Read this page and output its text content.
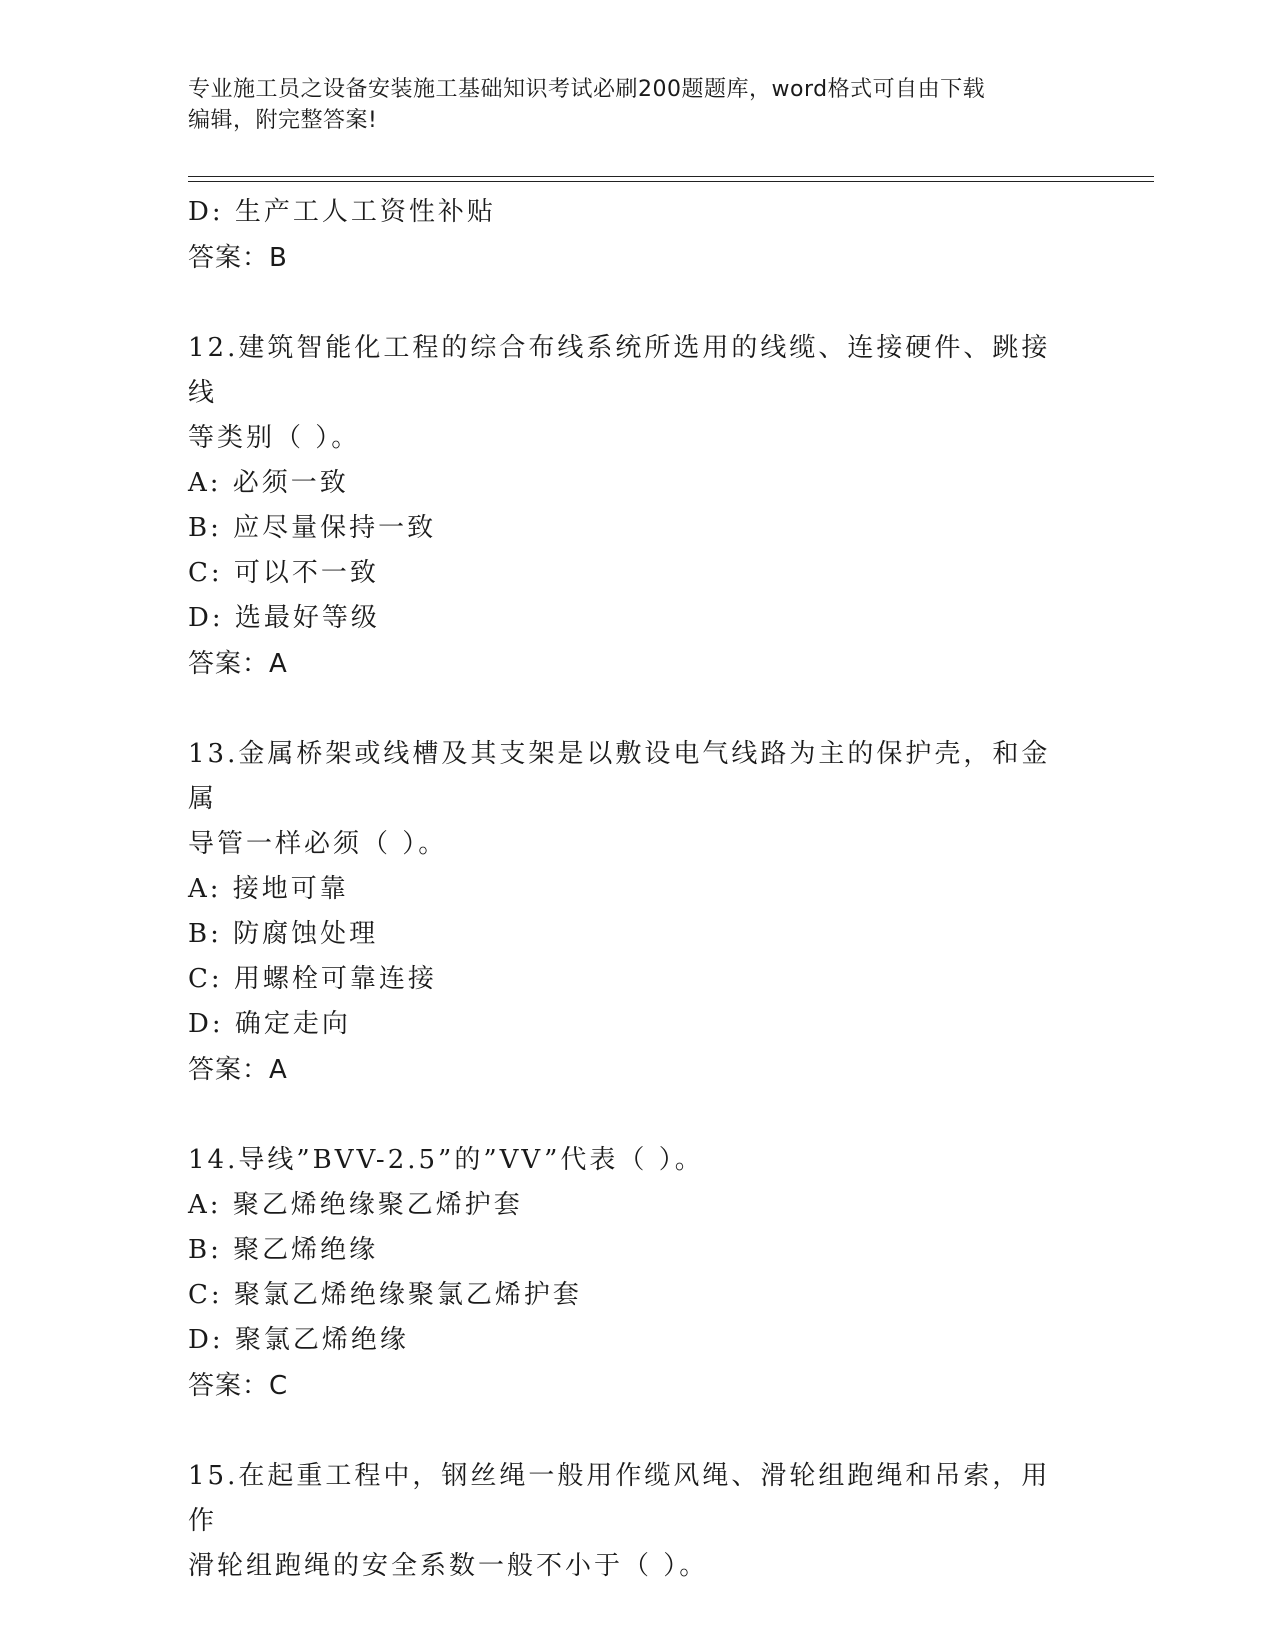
专业施工员之设备安装施工基础知识考试必刷200题题库，word格式可自由下载
编辑，附完整答案!
D: 生产工人工资性补贴
答案：B
12.建筑智能化工程的综合布线系统所选用的线缆、连接硬件、跳接线
等类别（ ）。
A: 必须一致
B: 应尽量保持一致
C: 可以不一致
D: 选最好等级
答案：A
13.金属桥架或线槽及其支架是以敷设电气线路为主的保护壳，和金属
导管一样必须（ ）。
A: 接地可靠
B: 防腐蚀处理
C: 用螺栓可靠连接
D: 确定走向
答案：A
14.导线”BVV-2.5”的”VV”代表（ ）。
A: 聚乙烯绝缘聚乙烯护套
B: 聚乙烯绝缘
C: 聚氯乙烯绝缘聚氯乙烯护套
D: 聚氯乙烯绝缘
答案：C
15.在起重工程中，钢丝绳一般用作缆风绳、滑轮组跑绳和吊索，用作
滑轮组跑绳的安全系数一般不小于（ ）。
